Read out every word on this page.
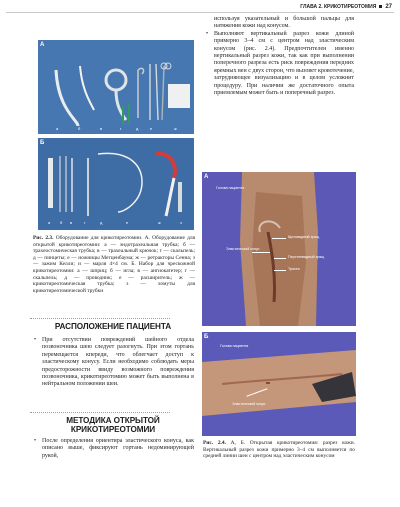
ГЛАВА 2. КРИКОТИРЕОТОМИЯ 27
A
а	б	в	г	д	е	ж
Б
а б в	г	д	е	ж	з
Рис. 2.3. Оборудование для крикотиреотомии. А. Оборудование для открытой крикотиреотомии: а — эндотрахеальная трубка; б — трахеостомическая трубка; в — трахеальный крючок; г — скальпель; д — пинцеты; е — ножницы Метценбаума; ж — ретракторы Сенна; з — зажим Келли; и — марля 4×4 см. Б. Набор для чрескожной крикотиреотомии: а — шприц; б — игла; в — ангиокатетер; г — скальпель; д — проводник; е — расширитель; ж — крикотиреотомическая трубка; з — хомуты для крикотиреотомической трубки
РАСПОЛОЖЕНИЕ ПАЦИЕНТА
• При отсутствии повреждений шейного отдела позвоночника шею следует разогнуть. При этом гортань перемещается кпереди, что облегчает доступ к эластическому конусу. Если необходимо соблюдать меры предосторожности ввиду возможного повреждения позвоночника, крикотиреотомию может быть выполнена в нейтральном положении шеи.
МЕТОДИКА ОТКРЫТОЙ
КРИКОТИРЕОТОМИИ
• После определения ориентира эластического конуса, как описано выше, фиксируют гортань недоминирующей рукой,
используя указательный и большой пальцы для натяжения кожи над конусом.
• Выполняют вертикальный разрез кожи длиной примерно 3–4 см с центром над эластическим конусом (рис. 2.4). Предпочтителен именно вертикальный разрез кожи, так как при выполнении поперечного разреза есть риск повреждения передних яремных вен с двух сторон, что вызовет кровотечение, затрудняющее визуализацию и в целом усложнит процедуру. При наличии же достаточного опыта приемлемым может быть и поперечный разрез.
А
Голова пациента
Щитовидный хрящ
Эластический конус
Перстневидный хрящ
Трахея
Б
Голова пациента
Эластический конус
Рис. 2.4. А, Б. Открытая крикотиреотомия: разрез кожи. Вертикальный разрез кожи примерно 3–4 см выполняется по средней линии шеи с центром над эластическим конусом
